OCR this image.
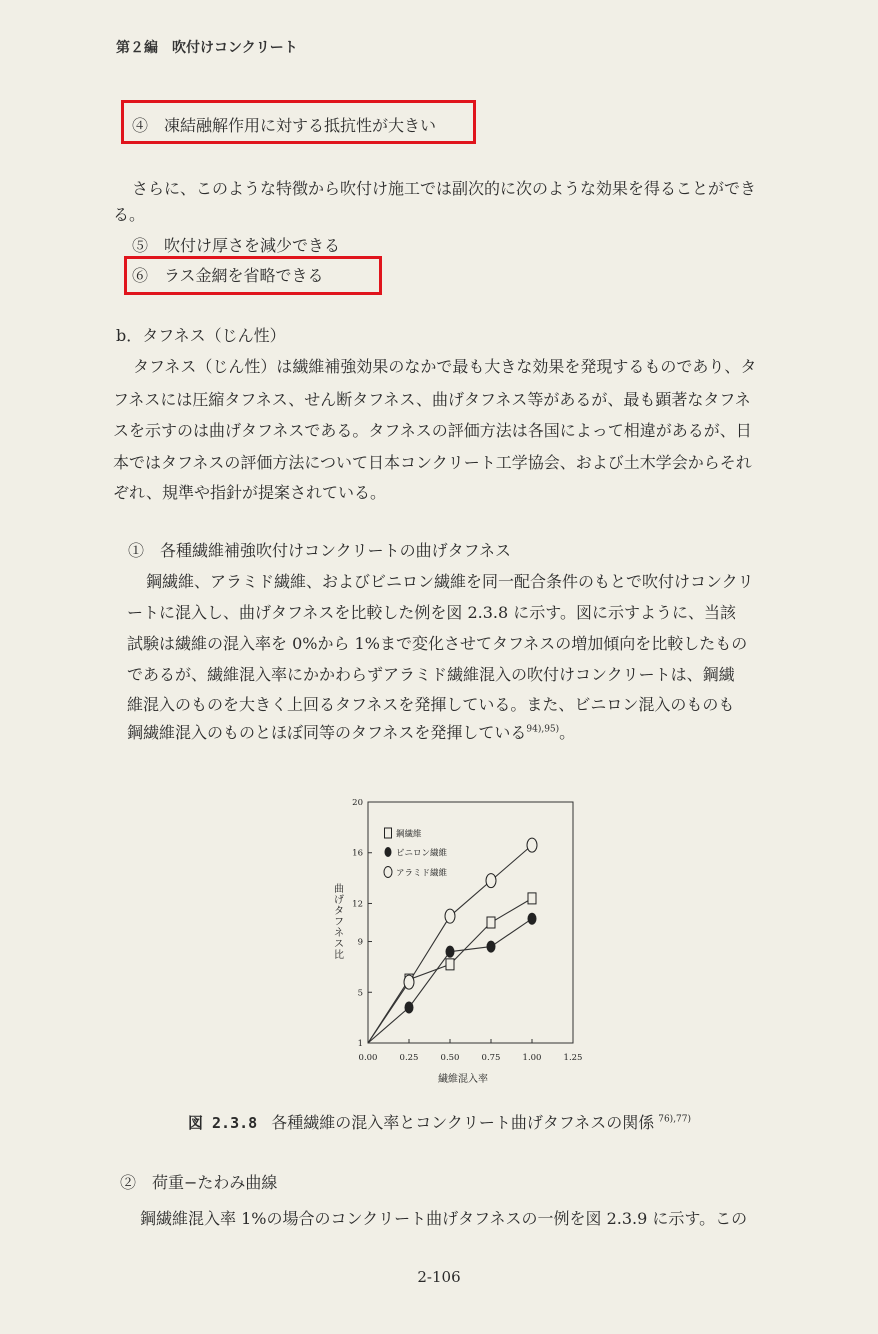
第２編　吹付けコンクリート
④　凍結融解作用に対する抵抗性が大きい
さらに、このような特徴から吹付け施工では副次的に次のような効果を得ることができ
る。
⑤　吹付け厚さを減少できる
⑥　ラス金網を省略できる
b．タフネス（じん性）
タフネス（じん性）は繊維補強効果のなかで最も大きな効果を発現するものであり、タ
フネスには圧縮タフネス、せん断タフネス、曲げタフネス等があるが、最も顕著なタフネ
スを示すのは曲げタフネスである。タフネスの評価方法は各国によって相違があるが、日
本ではタフネスの評価方法について日本コンクリート工学協会、および土木学会からそれ
ぞれ、規準や指針が提案されている。
①　各種繊維補強吹付けコンクリートの曲げタフネス
鋼繊維、アラミド繊維、およびビニロン繊維を同一配合条件のもとで吹付けコンクリ
ートに混入し、曲げタフネスを比較した例を図 2.3.8 に示す。図に示すように、当該
試験は繊維の混入率を 0%から 1%まで変化させてタフネスの増加傾向を比較したもの
であるが、繊維混入率にかかわらずアラミド繊維混入の吹付けコンクリートは、鋼繊
維混入のものを大きく上回るタフネスを発揮している。また、ビニロン混入のものも
鋼繊維混入のものとほぼ同等のタフネスを発揮している$^{94),95)}$。
0.00	0.25	0.50	0.75	1.00	1.25
1
5
9
12
16
20
鋼繊維
ビニロン繊維
アラミド繊維
繊維混入率
曲げタフネス比
図 2.3.8 各種繊維の混入率とコンクリート曲げタフネスの関係 $^{76),77)}$
②　荷重−たわみ曲線
鋼繊維混入率 1%の場合のコンクリート曲げタフネスの一例を図 2.3.9 に示す。この
2-106
